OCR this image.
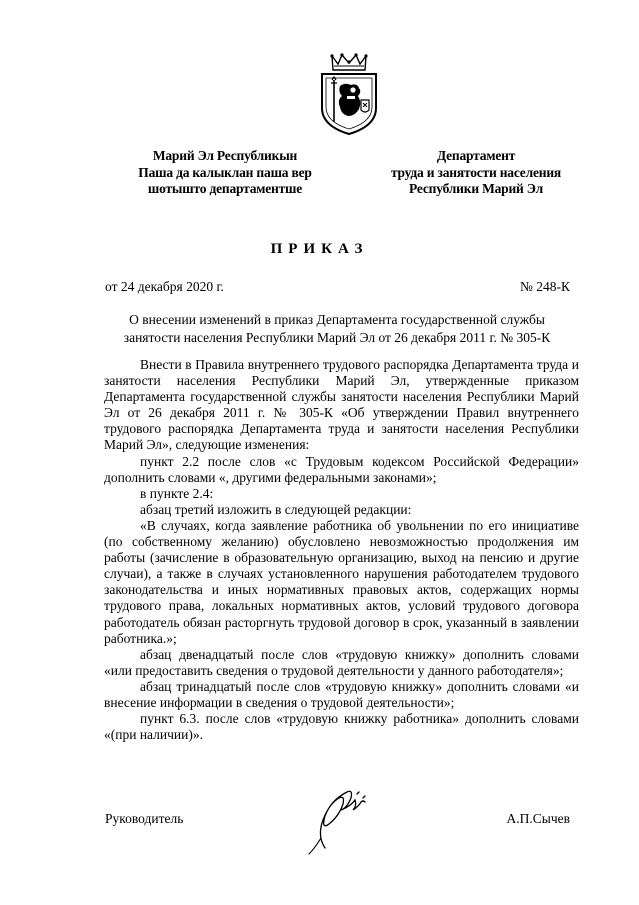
Марий Эл Республикын
Паша да калыклан паша вер
шотышто департаментше
Департамент
труда и занятости населения
Республики Марий Эл
ПРИКАЗ
от 24 декабря 2020 г.	№ 248-К
О внесении изменений в приказ Департамента государственной службы
занятости населения Республики Марий Эл от 26 декабря 2011 г. № 305-К

Внести в Правила внутреннего трудового распорядка Департамента труда и занятости населения Республики Марий Эл, утвержденные приказом Департамента государственной службы занятости населения Республики Марий Эл от 26 декабря 2011 г. № 305-К «Об утверждении Правил внутреннего трудового распорядка Департамента труда и занятости населения Республики Марий Эл», следующие изменения:

пункт 2.2 после слов «с Трудовым кодексом Российской Федерации» дополнить словами «, другими федеральными законами»;

в пункте 2.4:

абзац третий изложить в следующей редакции:

«В случаях, когда заявление работника об увольнении по его инициативе (по собственному желанию) обусловлено невозможностью продолжения им работы (зачисление в образовательную организацию, выход на пенсию и другие случаи), а также в случаях установленного нарушения работодателем трудового законодательства и иных нормативных правовых актов, содержащих нормы трудового права, локальных нормативных актов, условий трудового договора работодатель обязан расторгнуть трудовой договор в срок, указанный в заявлении работника.»;

абзац двенадцатый после слов «трудовую книжку» дополнить словами «или предоставить сведения о трудовой деятельности у данного работодателя»;

абзац тринадцатый после слов «трудовую книжку» дополнить словами «и внесение информации в сведения о трудовой деятельности»;

пункт 6.3. после слов «трудовую книжку работника» дополнить словами «(при наличии)».

Руководитель	А.П.Сычев
